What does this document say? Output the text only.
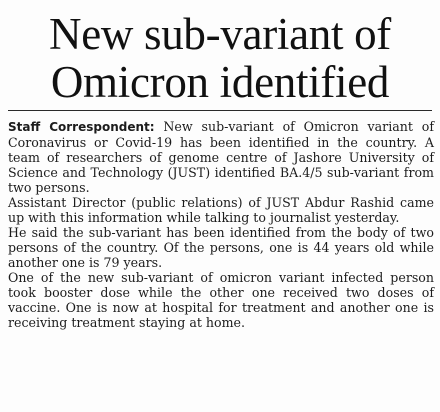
New sub-variant of
Omicron identified

Staff Correspondent: New sub-variant of Omicron variant of Coronavirus or Covid-19 has been identified in the country. A team of researchers of genome centre of Jashore University of Science and Technology (JUST) identified BA.4/5 sub-variant from two persons.

Assistant Director (public relations) of JUST Abdur Rashid came up with this information while talking to journalist yesterday.

He said the sub-variant has been identified from the body of two persons of the country. Of the persons, one is 44 years old while another one is 79 years.

One of the new sub-variant of omicron variant infected person took booster dose while the other one received two doses of vaccine. One is now at hospital for treatment and another one is receiving treatment staying at home.
